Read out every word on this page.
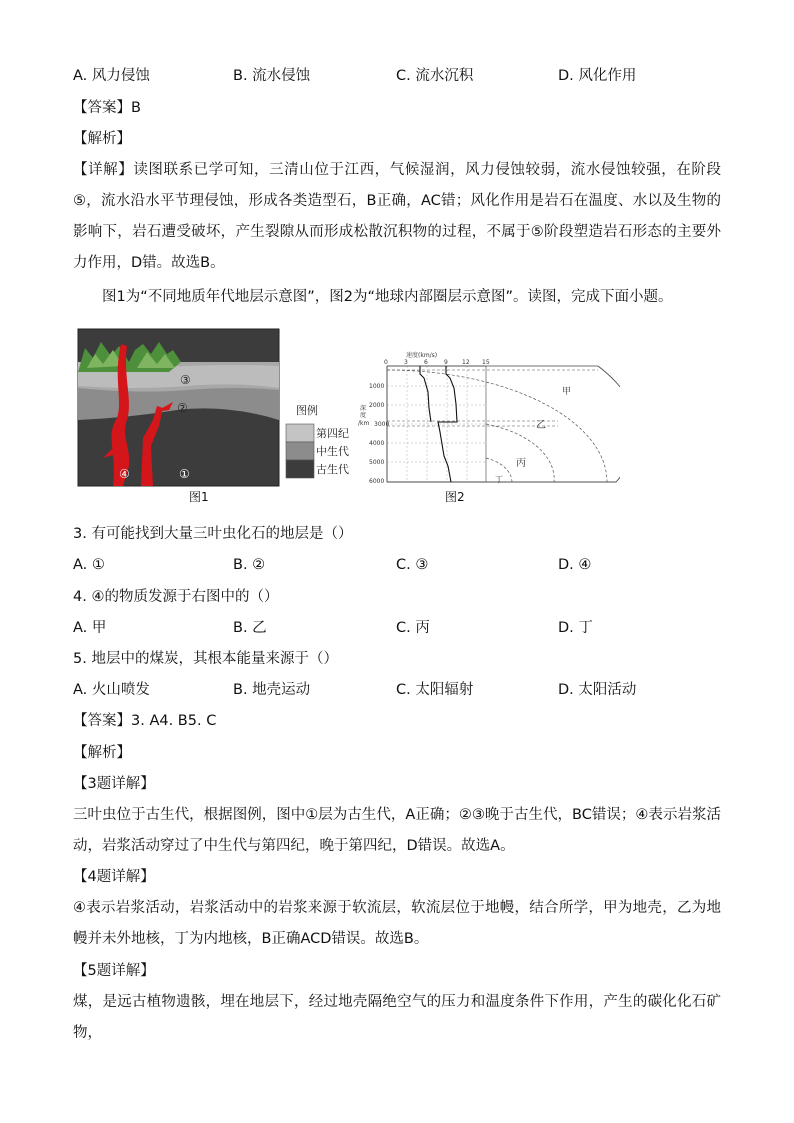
A. 风力侵蚀	B. 流水侵蚀	C. 流水沉积	D. 风化作用
【答案】B
【解析】
【详解】读图联系已学可知，三清山位于江西，气候湿润，风力侵蚀较弱，流水侵蚀较强，在阶段⑤，流水沿水平节理侵蚀，形成各类造型石，B正确，AC错；风化作用是岩石在温度、水以及生物的影响下，岩石遭受破坏，产生裂隙从而形成松散沉积物的过程，不属于⑤阶段塑造岩石形态的主要外力作用，D错。故选B。
图1为“不同地质年代地层示意图”，图2为“地球内部圈层示意图”。读图，完成下面小题。
③
②
④	①
图例
第四纪
中生代
古生代
图1
速度(km/s)
0	3	6	9 12 15
1000
2000
3000
4000
5000
6000
深
度
/km
甲
乙
丙
丁
图2
3. 有可能找到大量三叶虫化石的地层是（）
A. ①	B. ②	C. ③	D. ④
4. ④的物质发源于右图中的（）
A. 甲	B. 乙	C. 丙	D. 丁
5. 地层中的煤炭，其根本能量来源于（）
A. 火山喷发	B. 地壳运动	C. 太阳辐射	D. 太阳活动
【答案】3. A4. B5. C
【解析】
【3题详解】
三叶虫位于古生代，根据图例，图中①层为古生代，A正确；②③晚于古生代，BC错误；④表示岩浆活动，岩浆活动穿过了中生代与第四纪，晚于第四纪，D错误。故选A。
【4题详解】
④表示岩浆活动，岩浆活动中的岩浆来源于软流层，软流层位于地幔，结合所学，甲为地壳，乙为地幔并未外地核，丁为内地核，B正确ACD错误。故选B。
【5题详解】
煤，是远古植物遗骸，埋在地层下，经过地壳隔绝空气的压力和温度条件下作用，产生的碳化化石矿物，
